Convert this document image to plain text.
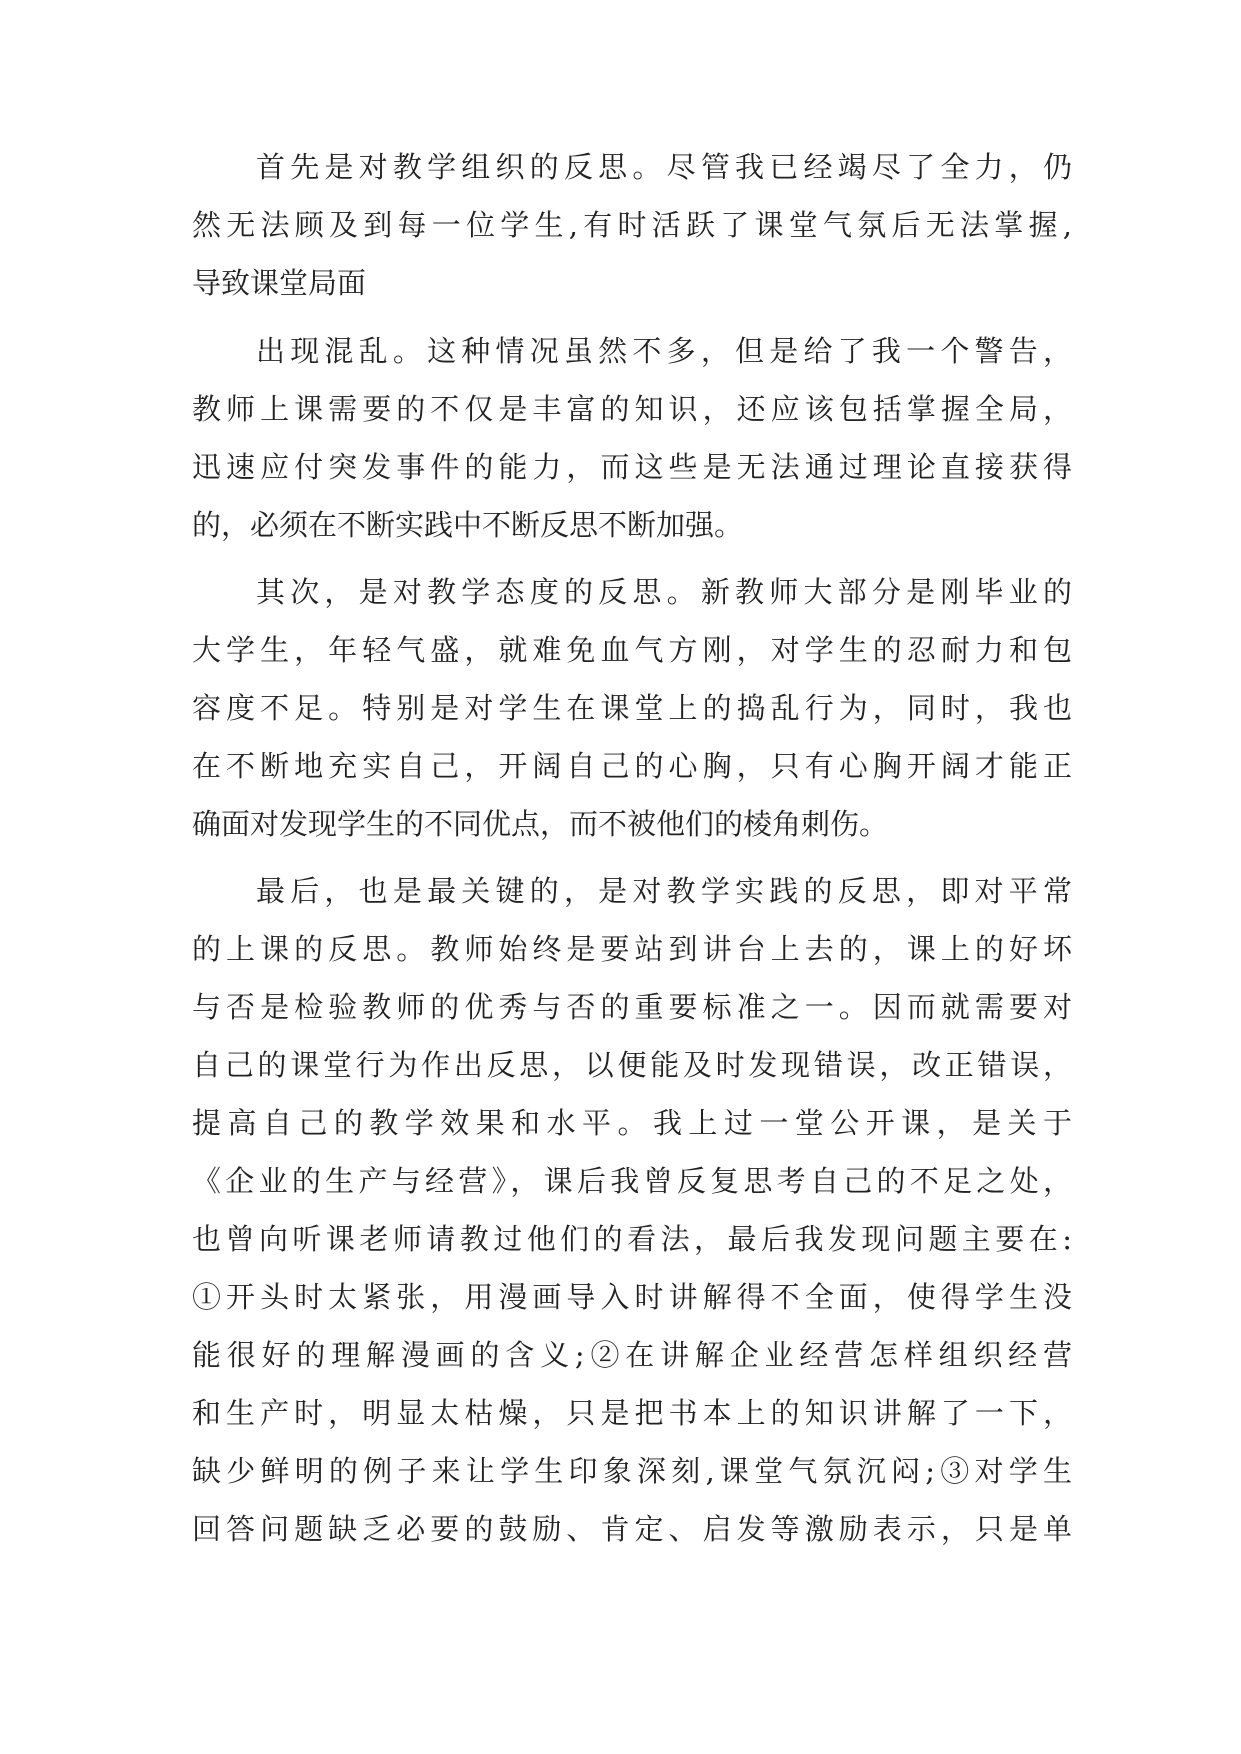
首先是对教学组织的反思。尽管我已经竭尽了全力，仍
然无法顾及到每一位学生,有时活跃了课堂气氛后无法掌握,
导致课堂局面
出现混乱。这种情况虽然不多，但是给了我一个警告，
教师上课需要的不仅是丰富的知识，还应该包括掌握全局，
迅速应付突发事件的能力，而这些是无法通过理论直接获得
的，必须在不断实践中不断反思不断加强。
其次，是对教学态度的反思。新教师大部分是刚毕业的
大学生，年轻气盛，就难免血气方刚，对学生的忍耐力和包
容度不足。特别是对学生在课堂上的捣乱行为，同时，我也
在不断地充实自己，开阔自己的心胸，只有心胸开阔才能正
确面对发现学生的不同优点，而不被他们的棱角刺伤。
最后，也是最关键的，是对教学实践的反思，即对平常
的上课的反思。教师始终是要站到讲台上去的，课上的好坏
与否是检验教师的优秀与否的重要标准之一。因而就需要对
自己的课堂行为作出反思，以便能及时发现错误，改正错误，
提高自己的教学效果和水平。我上过一堂公开课，是关于
《企业的生产与经营》，课后我曾反复思考自己的不足之处，
也曾向听课老师请教过他们的看法，最后我发现问题主要在:
①开头时太紧张，用漫画导入时讲解得不全面，使得学生没
能很好的理解漫画的含义;②在讲解企业经营怎样组织经营
和生产时，明显太枯燥，只是把书本上的知识讲解了一下，
缺少鲜明的例子来让学生印象深刻,课堂气氛沉闷;③对学生
回答问题缺乏必要的鼓励、肯定、启发等激励表示，只是单
